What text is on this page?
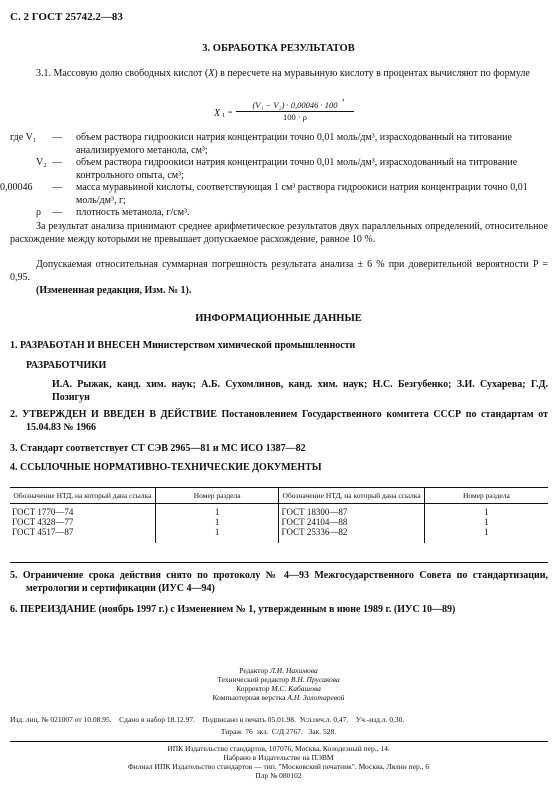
С. 2 ГОСТ 25742.2—83
3. ОБРАБОТКА РЕЗУЛЬТАТОВ
3.1. Массовую долю свободных кислот (X) в пересчете на муравьиную кислоту в процентах вычисляют по формуле
X $1 = \frac{\text{(V₁ − V₂) · 0,00046 · 100}}{100 \cdot \rho}$
,
где V₁	—	объем раствора гидроокиси натрия концентрации точно 0,01 моль/дм³, израсходованный на титование анализируемого метанола, см³;
V₂ —	объем раствора гидроокиси натрия концентрации точно 0,01 моль/дм³, израсходованный на титрование контрольного опыта, см³;
0,00046	—	масса муравьиной кислоты, соответствующая 1 см³ раствора гидроокиси натрия концентрации точно 0,01 моль/дм³, г;
ρ	—	плотность метанола, г/см³.
За результат анализа принимают среднее арифметическое результатов двух параллельных определений, относительное расхождение между которыми не превышает допускаемое расхождение, равное 10 %.
Допускаемая относительная суммарная погрешность результата анализа ± 6 % при доверительной вероятности P = 0,95.
(Измененная редакция, Изм. № 1).
ИНФОРМАЦИОННЫЕ ДАННЫЕ
1. РАЗРАБОТАН И ВНЕСЕН Министерством химической промышленности
РАЗРАБОТЧИКИ
И.А. Рыжак, канд. хим. наук; А.Б. Сухомлинов, канд. хим. наук; Н.С. Безгубенко; З.И. Сухарева; Г.Д. Позигун
2. УТВЕРЖДЕН И ВВЕДЕН В ДЕЙСТВИЕ Постановлением Государственного комитета СССР по стандартам от 15.04.83 № 1966
3. Стандарт соответствует СТ СЭВ 2965—81 и МС ИСО 1387—82
4. ССЫЛОЧНЫЕ НОРМАТИВНО-ТЕХНИЧЕСКИЕ ДОКУМЕНТЫ
Обозначение НТД, на который дана ссылка	Номер раздела	Обозначение НТД, на который дана ссылка	Номер раздела
ГОСТ 1770—74	1	ГОСТ 18300—87	1
ГОСТ 4328—77	1	ГОСТ 24104—88	1
ГОСТ 4517—87	1	ГОСТ 25336—82	1
5. Ограничение срока действия снято по протоколу № 4—93 Межгосударственного Совета по стандартизации, метрологии и сертификации (ИУС 4—94)
6. ПЕРЕИЗДАНИЕ (ноябрь 1997 г.) с Изменением № 1, утвержденным в июне 1989 г. (ИУС 10—89)
Редактор Л.И. Нахимова
Технический редактор В.Н. Прусакова
Корректор М.С. Кабашова
Компьютерная верстка А.Н. Золотаревой
Изд. лиц. № 021007 от 10.08.95.    Сдано в набор 18.12.97.    Подписано в печать 05.01.98.  Усл.печ.л. 0,47.    Уч.-изд.л. 0,30.
Тираж  76  экз.  С/Д 2767.   Зак. 528.
ИПК Издательство стандартов, 107076, Москва, Колодезный пер., 14.
Набрано в Издательстве на ПЭВМ
Филиал ИПК Издательство стандартов — тип. "Московский печатник". Москва, Лялин пер., 6
Плр № 080102
